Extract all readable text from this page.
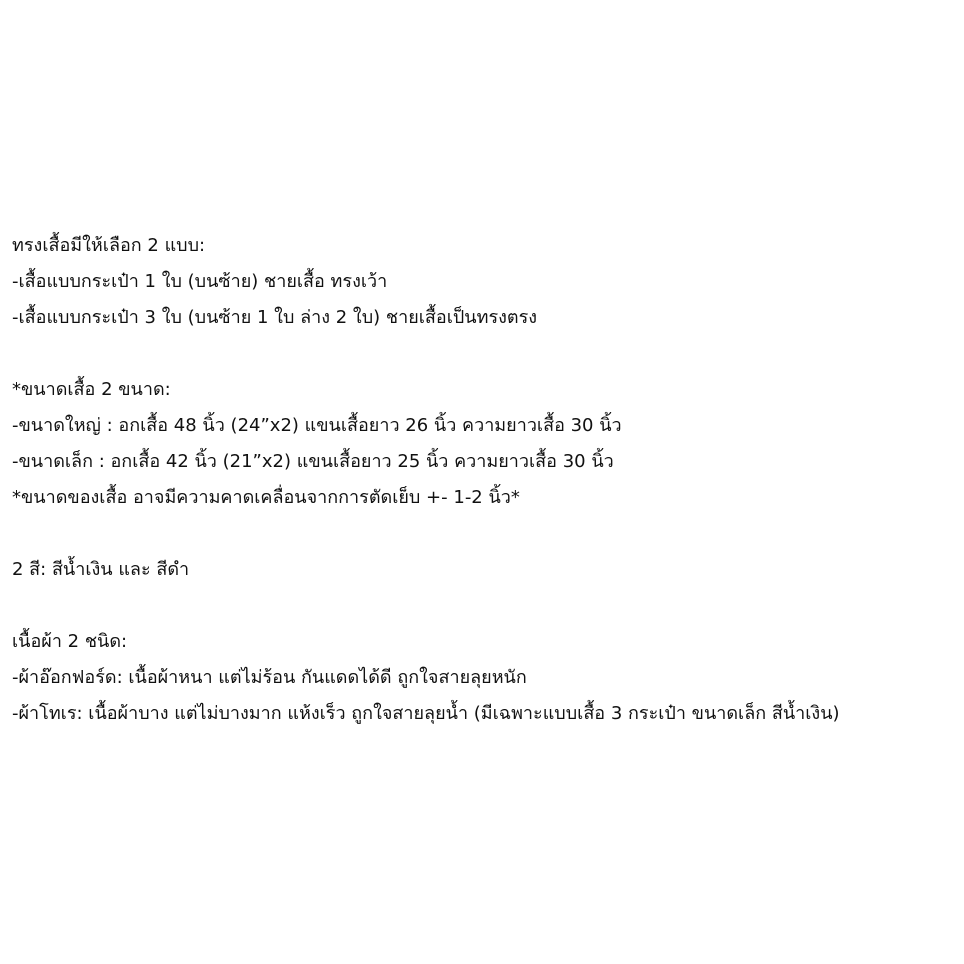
ทรงเสื้อมีให้เลือก 2 แบบ:
-เสื้อแบบกระเป๋า 1 ใบ (บนซ้าย) ชายเสื้อ ทรงเว้า
-เสื้อแบบกระเป๋า 3 ใบ (บนซ้าย 1 ใบ ล่าง 2 ใบ) ชายเสื้อเป็นทรงตรง
*ขนาดเสื้อ 2 ขนาด:
-ขนาดใหญ่ : อกเสื้อ 48 นิ้ว (24”x2) แขนเสื้อยาว 26 นิ้ว ความยาวเสื้อ 30 นิ้ว
-ขนาดเล็ก : อกเสื้อ 42 นิ้ว (21”x2) แขนเสื้อยาว 25 นิ้ว ความยาวเสื้อ 30 นิ้ว
*ขนาดของเสื้อ อาจมีความคาดเคลื่อนจากการตัดเย็บ +- 1-2 นิ้ว*
2 สี: สีน้ำเงิน และ สีดำ
เนื้อผ้า 2 ชนิด:
-ผ้าอ๊อกฟอร์ด: เนื้อผ้าหนา แต่ไม่ร้อน กันแดดได้ดี ถูกใจสายลุยหนัก
-ผ้าโทเร: เนื้อผ้าบาง แต่ไม่บางมาก แห้งเร็ว ถูกใจสายลุยน้ำ (มีเฉพาะแบบเสื้อ 3 กระเป๋า ขนาดเล็ก สีน้ำเงิน)
